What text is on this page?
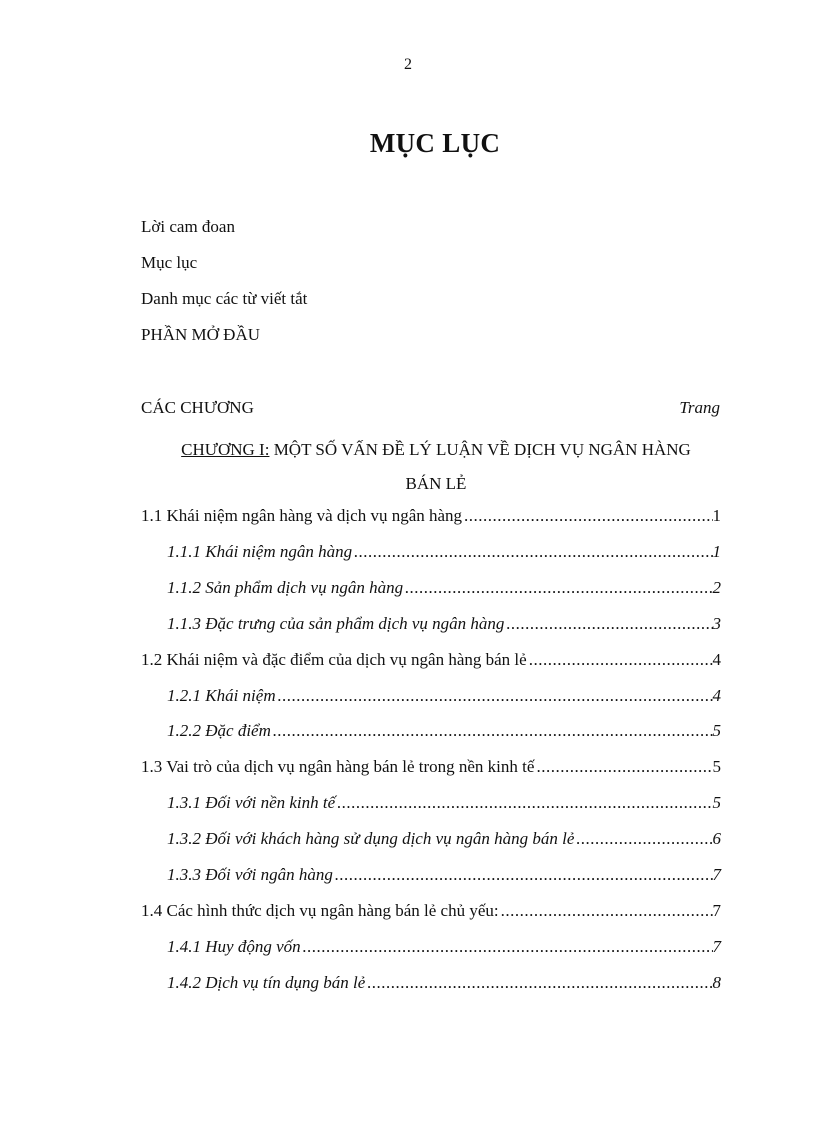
2
MỤC LỤC
Lời cam đoan
Mục lục
Danh mục các từ viết tắt
PHẦN MỞ ĐẦU
CÁC CHƯƠNG	Trang
CHƯƠNG I: MỘT SỐ VẤN ĐỀ LÝ LUẬN VỀ DỊCH VỤ NGÂN HÀNG
BÁN LẺ
1.1 Khái niệm ngân hàng và dịch vụ ngân hàng .....	1
1.1.1 Khái niệm ngân hàng .....	1
1.1.2 Sản phẩm dịch vụ ngân hàng .....	2
1.1.3 Đặc trưng của sản phẩm dịch vụ ngân hàng .....	3
1.2 Khái niệm và đặc điểm của dịch vụ ngân hàng bán lẻ .....	4
1.2.1 Khái niệm .....	4
1.2.2 Đặc điểm .....	5
1.3 Vai trò của dịch vụ ngân hàng bán lẻ trong nền kinh tế .....	5
1.3.1 Đối với nền kinh tế .....	5
1.3.2 Đối với khách hàng sử dụng dịch vụ ngân hàng bán lẻ .....	6
1.3.3 Đối với ngân hàng .....	7
1.4 Các hình thức dịch vụ ngân hàng bán lẻ chủ yếu: .....	7
1.4.1 Huy động vốn .....	7
1.4.2 Dịch vụ tín dụng bán lẻ .....	8
